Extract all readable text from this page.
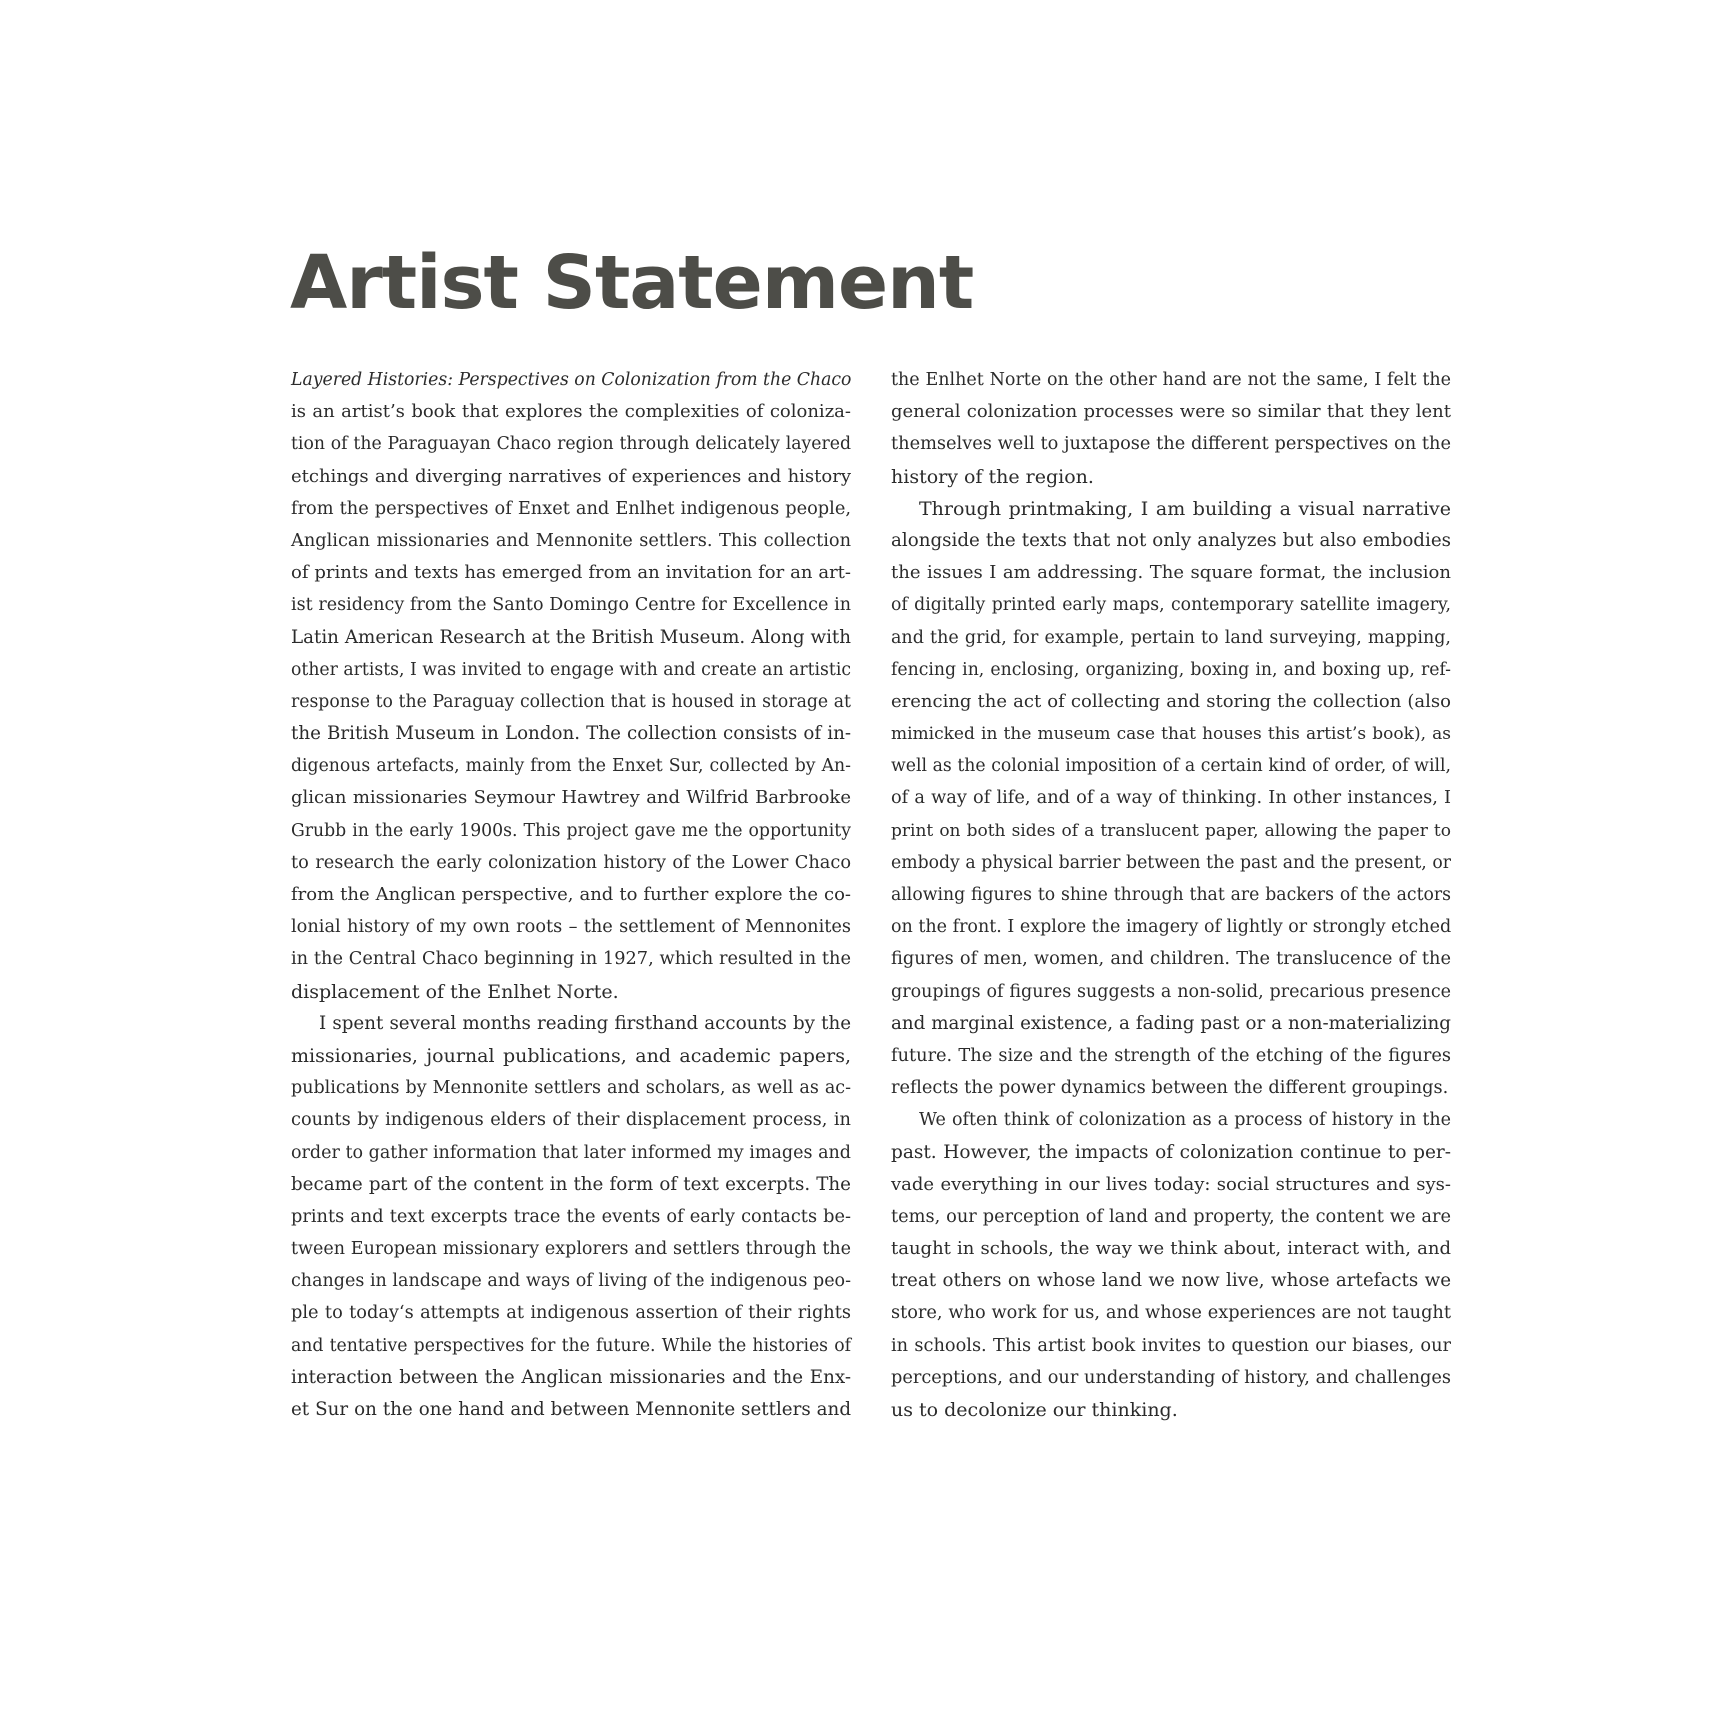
Artist Statement
Layered Histories: Perspectives on Colonization from the Chaco
is an artist’s book that explores the complexities of coloniza-
tion of the Paraguayan Chaco region through delicately layered
etchings and diverging narratives of experiences and history
from the perspectives of Enxet and Enlhet indigenous people,
Anglican missionaries and Mennonite settlers. This collection
of prints and texts has emerged from an invitation for an art-
ist residency from the Santo Domingo Centre for Excellence in
Latin American Research at the British Museum. Along with
other artists, I was invited to engage with and create an artistic
response to the Paraguay collection that is housed in storage at
the British Museum in London. The collection consists of in-
digenous artefacts, mainly from the Enxet Sur, collected by An-
glican missionaries Seymour Hawtrey and Wilfrid Barbrooke
Grubb in the early 1900s. This project gave me the opportunity
to research the early colonization history of the Lower Chaco
from the Anglican perspective, and to further explore the co-
lonial history of my own roots – the settlement of Mennonites
in the Central Chaco beginning in 1927, which resulted in the
displacement of the Enlhet Norte.
I spent several months reading firsthand accounts by the
missionaries, journal publications, and academic papers,
publications by Mennonite settlers and scholars, as well as ac-
counts by indigenous elders of their displacement process, in
order to gather information that later informed my images and
became part of the content in the form of text excerpts. The
prints and text excerpts trace the events of early contacts be-
tween European missionary explorers and settlers through the
changes in landscape and ways of living of the indigenous peo-
ple to today‘s attempts at indigenous assertion of their rights
and tentative perspectives for the future. While the histories of
interaction between the Anglican missionaries and the Enx-
et Sur on the one hand and between Mennonite settlers and
the Enlhet Norte on the other hand are not the same, I felt the
general colonization processes were so similar that they lent
themselves well to juxtapose the different perspectives on the
history of the region.
Through printmaking, I am building a visual narrative
alongside the texts that not only analyzes but also embodies
the issues I am addressing. The square format, the inclusion
of digitally printed early maps, contemporary satellite imagery,
and the grid, for example, pertain to land surveying, mapping,
fencing in, enclosing, organizing, boxing in, and boxing up, ref-
erencing the act of collecting and storing the collection (also
mimicked in the museum case that houses this artist’s book), as
well as the colonial imposition of a certain kind of order, of will,
of a way of life, and of a way of thinking. In other instances, I
print on both sides of a translucent paper, allowing the paper to
embody a physical barrier between the past and the present, or
allowing figures to shine through that are backers of the actors
on the front. I explore the imagery of lightly or strongly etched
figures of men, women, and children. The translucence of the
groupings of figures suggests a non-solid, precarious presence
and marginal existence, a fading past or a non-materializing
future. The size and the strength of the etching of the figures
reflects the power dynamics between the different groupings.
We often think of colonization as a process of history in the
past. However, the impacts of colonization continue to per-
vade everything in our lives today: social structures and sys-
tems, our perception of land and property, the content we are
taught in schools, the way we think about, interact with, and
treat others on whose land we now live, whose artefacts we
store, who work for us, and whose experiences are not taught
in schools. This artist book invites to question our biases, our
perceptions, and our understanding of history, and challenges
us to decolonize our thinking.
